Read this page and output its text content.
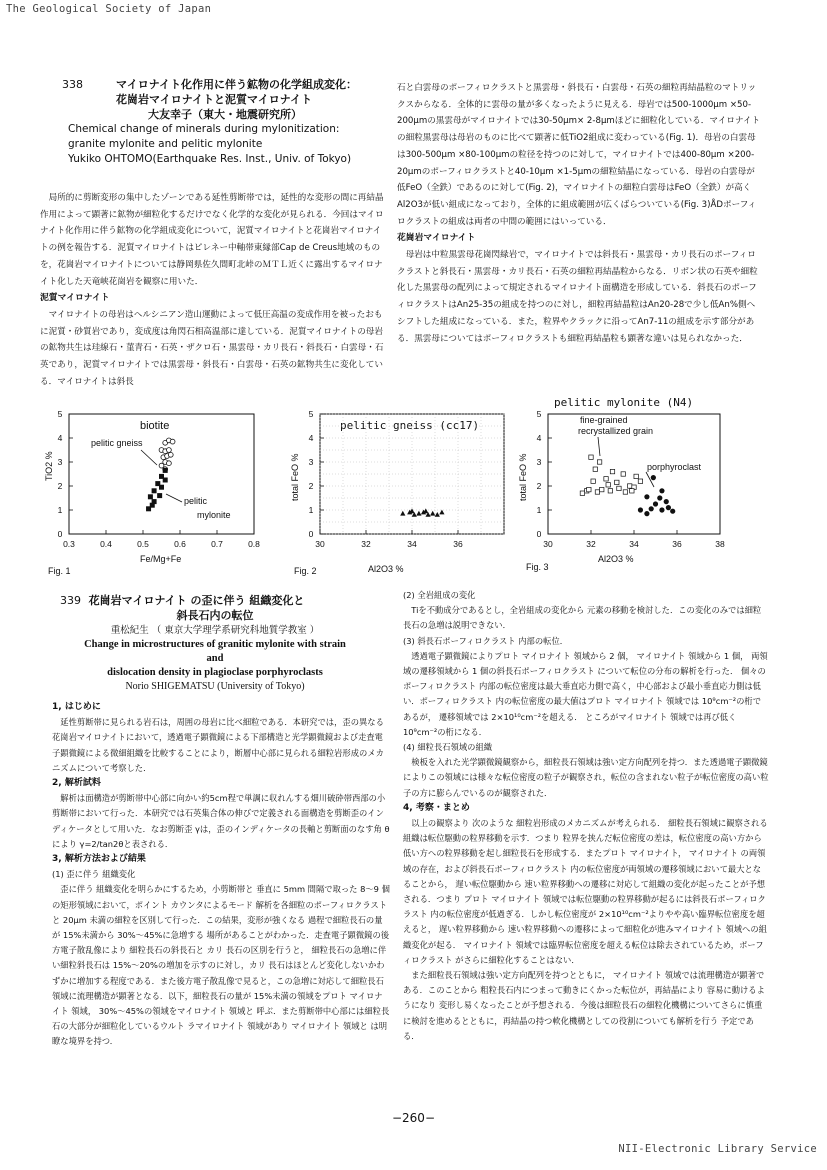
The Geological Society of Japan
NII-Electronic Library Service
−260−
338	マイロナイト化作用に伴う鉱物の化学組成変化：
花崗岩マイロナイトと泥質マイロナイト
大友幸子（東大・地震研究所）
Chemical change of minerals during mylonitization:
granite mylonite and pelitic mylonite
Yukiko OHTOMO(Earthquake Res. Inst., Univ. of Tokyo)

局所的に剪断変形の集中したゾーンである延性剪断帯では，延性的な変形の間に再結晶作用によって顕著に鉱物が細粒化するだけでなく化学的な変化が見られる．今回はマイロナイト化作用に伴う鉱物の化学組成変化について，泥質マイロナイトと花崗岩マイロナイトの例を報告する．泥質マイロナイトはピレネー中軸帯東縁部Cap de Creus地域のものを，花崗岩マイロナイトについては静岡県佐久間町北峠のＭＴＬ近くに露出するマイロナイト化した天竜峡花崗岩を観察に用いた．

泥質マイロナイト

マイロナイトの母岩はヘルシニアン造山運動によって低圧高温の変成作用を被ったおもに泥質・砂質岩であり，変成度は角閃石相高温部に達している．泥質マイロナイトの母岩の鉱物共生は珪線石・菫青石・石英・ザクロ石・黒雲母・カリ長石・斜長石・白雲母・石英であり，泥質マイロナイトでは黒雲母・斜長石・白雲母・石英の鉱物共生に変化している．マイロナイトは斜長

石と白雲母のポーフィロクラストと黒雲母・斜長石・白雲母・石英の細粒再結晶粒のマトリックスからなる．全体的に雲母の量が多くなったように見える．母岩では500-1000μm ×50-200μmの黒雲母がマイロナイトでは30-50μm× 2-8μmほどに細粒化している．マイロナイトの細粒黒雲母は母岩のものに比べて顕著に低TiO2組成に変わっている(Fig. 1)．母岩の白雲母は300-500μm ×80-100μmの粒径を持つのに対して，マイロナイトでは400-80μm ×200-20μmのポーフィロクラストと40-10μm ×1-5μmの細粒結晶になっている．母岩の白雲母が低FeO（全鉄）であるのに対して(Fig. 2)，マイロナイトの細粒白雲母はFeO（全鉄）が高くAl2O3が低い組成になっており，全体的に組成範囲が広くばらついている(Fig. 3)ÅDポーフィロクラストの組成は両者の中間の範囲にはいっている．

花崗岩マイロナイト

母岩は中粒黒雲母花崗閃緑岩で，マイロナイトでは斜長石・黒雲母・カリ長石のポーフィロクラストと斜長石・黒雲母・カリ長石・石英の細粒再結晶粒からなる．リボン状の石英や細粒化した黒雲母の配列によって規定されるマイロナイト面構造を形成している．斜長石のポーフィロクラストはAn25-35の組成を持つのに対し，細粒再結晶粒はAn20-28で少し低An%側へシフトした組成になっている．また，粒界やクラックに沿ってAn7-11の組成を示す部分がある．黒雲母についてはポーフィロクラストも細粒再結晶粒も顕著な違いは見られなかった．

biotite
0
1
2
3
4
5
0.3	0.4	0.5	0.6	0.7	0.8
TiO2 %
Fe/Mg+Fe
pelitic gneiss
pelitic
mylonite
Fig. 1
pelitic gneiss (cc17)
0
1
2
3
4
5
30	32	34	36
total FeO %
Al2O3 %
Fig. 2
pelitic mylonite (N4)
0
1
2
3
4
5
30	32	34	36	38
total FeO %
Al2O3 %
fine-grained
recrystallized grain
porphyroclast
Fig. 3
339 花崗岩マイロナイト の歪に伴う 組織変化と
斜長石内の転位
重松紀生 （ 東京大学理学系研究科地質学教室 ）
Change in microstructures of granitic mylonite with strain
and
dislocation density in plagioclase porphyroclasts
Norio SHIGEMATSU (University of Tokyo)
1, はじめに

延性剪断帯に見られる岩石は，周囲の母岩に比べ細粒である．本研究では，歪の異なる花崗岩マイロナイトにおいて，透過電子顕微鏡による下部構造と光学顕微鏡および走査電子顕微鏡による微細組織を比較することにより，断層中心部に見られる細粒岩形成のメカニズムについて考察した．

2, 解析試料

解析は面構造が剪断帯中心部に向かい約5cm程で単調に収れんする畑川破砕帯西部の小剪断帯において行った．本研究では石英集合体の伸びで定義される面構造を剪断歪のインディケータとして用いた．なお剪断歪 γは，歪のインディケータの長軸と剪断面のなす角 θにより γ=2/tan2θと表される．

3, 解析方法および結果
(1) 歪に伴う 組織変化

歪に伴う 組織変化を明らかにするため，小剪断帯と 垂直に 5mm 間隔で取った 8〜9 個の矩形領域において，ポイント カウンタによるモード 解析を各細粒のポーフィロクラスト と 20μm 未満の細粒を区別して行った．この結果，変形が強くなる 過程で細粒長石の量が 15%未満から 30%〜45%に急増する 場所があることがわかった．走査電子顕微鏡の後方電子散乱像により 細粒長石の斜長石と カリ 長石の区別を行うと， 細粒長石の急増に伴い細粒斜長石は 15%〜20%の増加を示すのに対し，カリ 長石はほとんど変化しないかわずかに増加する程度である．また後方電子散乱像で見ると，この急増に対応して細粒長石領域に流理構造が顕著となる．以下，細粒長石の量が 15%未満の領域をプロト マイロナイト 領域， 30%〜45%の領域をマイロナイト 領域と 呼ぶ．また剪断帯中心部には細粒長石の大部分が細粒化しているウルト ラマイロナイト 領域があり マイロナイト 領域と は明瞭な境界を持つ．

(2) 全岩組成の変化

Tiを不動成分であるとし，全岩組成の変化から 元素の移動を検討した．この変化のみでは細粒長石の急増は説明できない．

(3) 斜長石ポーフィロクラスト 内部の転位．

透過電子顕微鏡によりプロト マイロナイト 領域から 2 個， マイロナイト 領域から 1 個， 両領域の遷移領域から 1 個の斜長石ポーフィロクラスト について転位の分布の解析を行った． 個々のポーフィロクラスト 内部の転位密度は最大垂直応力側で高く，中心部および最小垂直応力側は低い．ポーフィロクラスト 内の転位密度の最大値はプロト マイロナイト 領域では 10⁹cm⁻²の桁であるが， 遷移領域では 2×10¹⁰cm⁻²を超える． ところがマイロナイト 領域では再び低く 10⁹cm⁻²の桁になる．

(4) 細粒長石領域の組織

検板を入れた光学顕微鏡観察から，細粒長石領域は強い定方向配列を持つ．また透過電子顕微鏡によりこの領域には様々な転位密度の粒子が観察され，転位の含まれない粒子が転位密度の高い粒子の方に膨らんでいるのが観察された．

4, 考察・まとめ

以上の観察より 次のような 細粒岩形成のメカニズムが考えられる． 細粒長石領域に観察される 組織は転位駆動の粒界移動を示す．つまり 粒界を挟んだ転位密度の差は，転位密度の高い方から 低い方への粒界移動を起し細粒長石を形成する．またプロト マイロナイト， マイロナイト の両領域の存在，および斜長石ポーフィロクラスト 内の転位密度が両領域の遷移領域において最大となることから， 遅い転位駆動から 速い粒界移動への遷移に対応して組織の変化が起ったことが予想される．つまり プロト マイロナイト 領域では転位駆動の粒界移動が起るには斜長石ポーフィロクラスト 内の転位密度が低過ぎる．しかし転位密度が 2×10¹⁰cm⁻²よりやや高い臨界転位密度を超えると， 遅い粒界移動から 速い粒界移動への遷移によって細粒化が進みマイロナイト 領域への組織変化が起る． マイロナイト 領域では臨界転位密度を超える転位は除去されているため，ポーフィロクラスト がさらに細粒化することはない．

また細粒長石領域は強い定方向配列を持つとともに， マイロナイト 領域では流理構造が顕著である．このことから 粗粒長石内につまって動きにくかった転位が，再結晶により 容易に動けるようになり 変形し易くなったことが予想される．今後は細粒長石の細粒化機構についてさらに慎重に検討を進めるとともに，再結晶の持つ軟化機構としての役割についても解析を行う 予定である．
